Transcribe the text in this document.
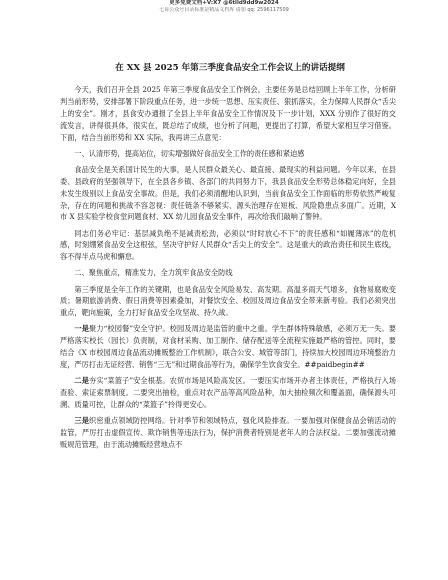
更多免费文档+V:X7 @6tlld9dd9w2024
七哥公众号目录标准是精品文档库 请加 qq: 2596117509
在 XX 县 2025 年第三季度食品安全工作会议上的讲话提纲

今天，我们召开全县 2025 年第三季度食品安全工作例会，主要任务是总结回顾上半年工作，分析研判当前形势，安排部署下阶段重点任务，进一步统一思想、压实责任、狠抓落实，全力保障人民群众“舌尖上的安全”。刚才，县食安办通报了全县上半年食品安全工作情况及下一步计划，XXX 分别作了很好的交流发言，讲得很具体，很实在，既总结了成绩，也分析了问题，更提出了打算，希望大家相互学习借鉴。下面，结合当前形势和 XX 实际，我再讲三点意见：

一、认清形势，提高站位，切实增强做好食品安全工作的责任感和紧迫感

食品安全是关系国计民生的大事，是人民群众最关心、最直接、最现实的利益问题。今年以来，在县委、县政府的坚强领导下，在全县各乡镇、各部门的共同努力下，我县食品安全形势总体稳定向好，全县未发生级别以上食品安全事故。但是，我们必须清醒地认识到，当前食品安全工作面临的形势依然严峻复杂，存在的问题和挑战不容忽视：责任链条不够紧实、源头治理存在短板、风险隐患点多面广。近期，X 市 X 县实验学校食堂问题食材、XX 幼儿园食品安全事件，再次给我们敲响了警钟。

同志们务必牢记：基层减负绝不是减责松劲，必须以“时时放心不下”的责任感和“如履薄冰”的危机感，时刻绷紧食品安全这根弦，坚决守护好人民群众“舌尖上的安全”。这是重大的政治责任和民生底线，容不得半点马虎和懈怠。

二、聚焦重点，精准发力，全力筑牢食品安全防线

第三季度是全年工作的关键期，也是食品安全风险易发、高发期。高温多雨天气增多，食物易腐败变质；暑期旅游消费、假日消费等因素叠加，对餐饮安全、校园及周边食品安全带来新考验。我们必须突出重点，靶向施策，全力打好食品安全攻坚战、持久战。

一是聚力“校园餐”安全守护。校园及周边是监管的重中之重。学生群体特殊敏感，必须万无一失。要严格落实校长（园长）负责制，对食材采购、加工制作、储存配送等全流程实施最严格的管控。同时，要结合《X 市校园周边食品流动摊贩整治工作机制》，联合公安、城管等部门，持续加大校园周边环境整治力度，严厉打击无证经营、销售“三无”和过期食品等行为，确保学生饮食安全。##paidbegin##

二是夯实“菜篮子”安全根基。农贸市场是风险高发区。一要压实市场开办者主体责任，严格执行入场查验、索证索票制度。二要突出抽检，重点对农产品等高风险品种，加大抽检频次和覆盖面，确保源头可溯、质量可控，让群众的“菜篮子”拎得更安心。

三是织密重点领域防控网络。针对季节和领域特点，强化风险排查。一要加强对保健食品会销活动的监管，严厉打击虚假宣传、欺诈销售等违法行为，保护消费者特别是老年人的合法权益。二要加强流动摊贩规范管理，由于流动摊贩经营地点不
